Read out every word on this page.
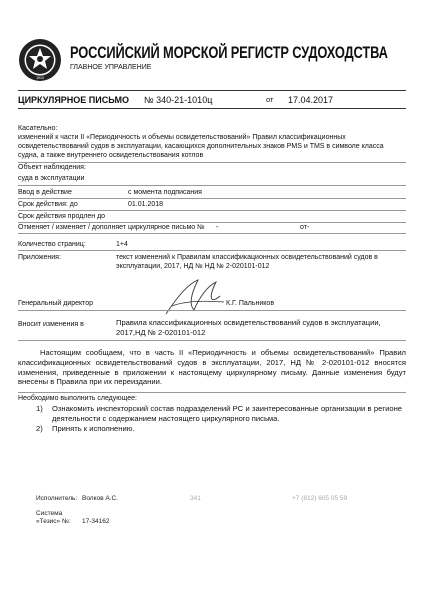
1913
РОССИЙСКИЙ МОРСКОЙ РЕГИСТР СУДОХОДСТВА
ГЛАВНОЕ УПРАВЛЕНИЕ
ЦИРКУЛЯРНОЕ ПИСЬМО № 340-21-1010ц	от 17.04.2017
Касательно:
изменений к части II «Периодичность и объемы освидетельствований» Правил классификационных освидетельствований судов в эксплуатации, касающихся дополнительных знаков PMS и TMS в символе класса судна, а также внутреннего освидетельствования котлов
Объект наблюдения:
суда в эксплуатации
Ввод в действие	с момента подписания
Срок действия: до	01.01.2018
Срок действия продлен до
Отменяет / изменяет / дополняет циркулярное письмо № -	от-
Количество страниц:	1+4
Приложения:	текст изменений к Правилам классификационных освидетельствований судов в эксплуатации, 2017, НД № НД № 2-020101-012
Генеральный директор	К.Г. Пальников
Вносит изменения в	Правила классификационных освидетельствований судов в эксплуатации, 2017,НД № 2-020101-012
Настоящим сообщаем, что в часть II «Периодичность и объемы освидетельствований» Правил классификационных освидетельствований судов в эксплуатации, 2017, НД № 2-020101-012 вносятся изменения, приведенные в приложении к настоящему циркулярному письму. Данные изменения будут внесены в Правила при их переиздании.
Необходимо выполнить следующее:
1) Ознакомить инспекторский состав подразделений РС и заинтересованные организации в регионе деятельности с содержанием настоящего циркулярного письма.
2) Принять к исполнению.
Исполнитель: Волков А.С.	341	+7 (812) 605 05 59
Система
«Тезис» №: 17-34162
